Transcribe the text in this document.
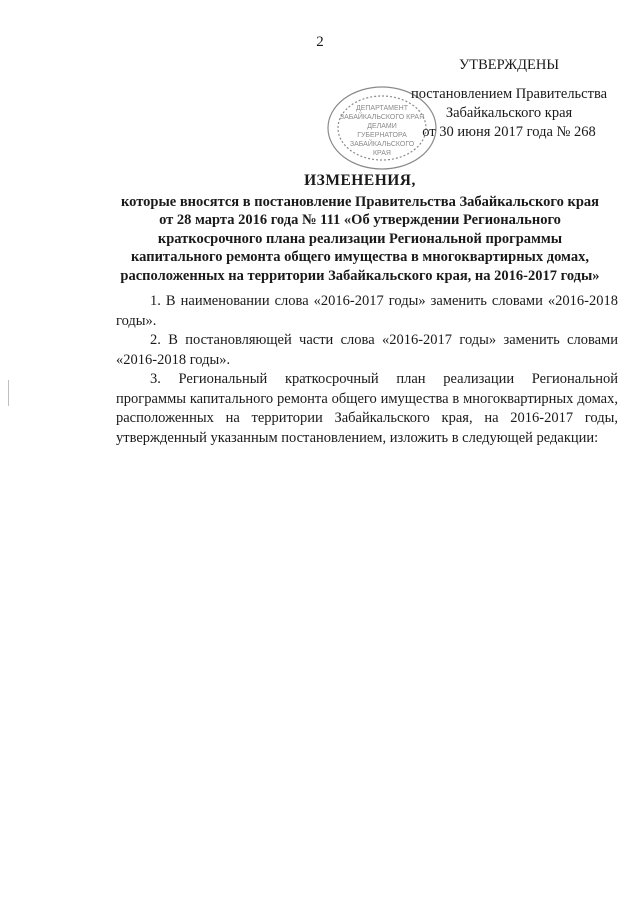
2
ДЕПАРТАМЕНТ
ЗАБАЙКАЛЬСКОГО КРАЯ
ДЕЛАМИ
ГУБЕРНАТОРА
ЗАБАЙКАЛЬСКОГО
КРАЯ
УТВЕРЖДЕНЫ
постановлением Правительства
Забайкальского края
от 30 июня 2017 года № 268
ИЗМЕНЕНИЯ,
которые вносятся в постановление Правительства Забайкальского края
от 28 марта 2016 года № 111 «Об утверждении Регионального
краткосрочного плана реализации Региональной программы
капитального ремонта общего имущества в многоквартирных домах,
расположенных на территории Забайкальского края, на 2016-2017 годы»

1. В наименовании слова «2016-2017 годы» заменить словами «2016-2018 годы».

2. В постановляющей части слова «2016-2017 годы» заменить словами «2016-2018 годы».

3. Региональный краткосрочный план реализации Региональной программы капитального ремонта общего имущества в многоквартирных домах, расположенных на территории Забайкальского края, на 2016-2017 годы, утвержденный указанным постановлением, изложить в следующей редакции:
